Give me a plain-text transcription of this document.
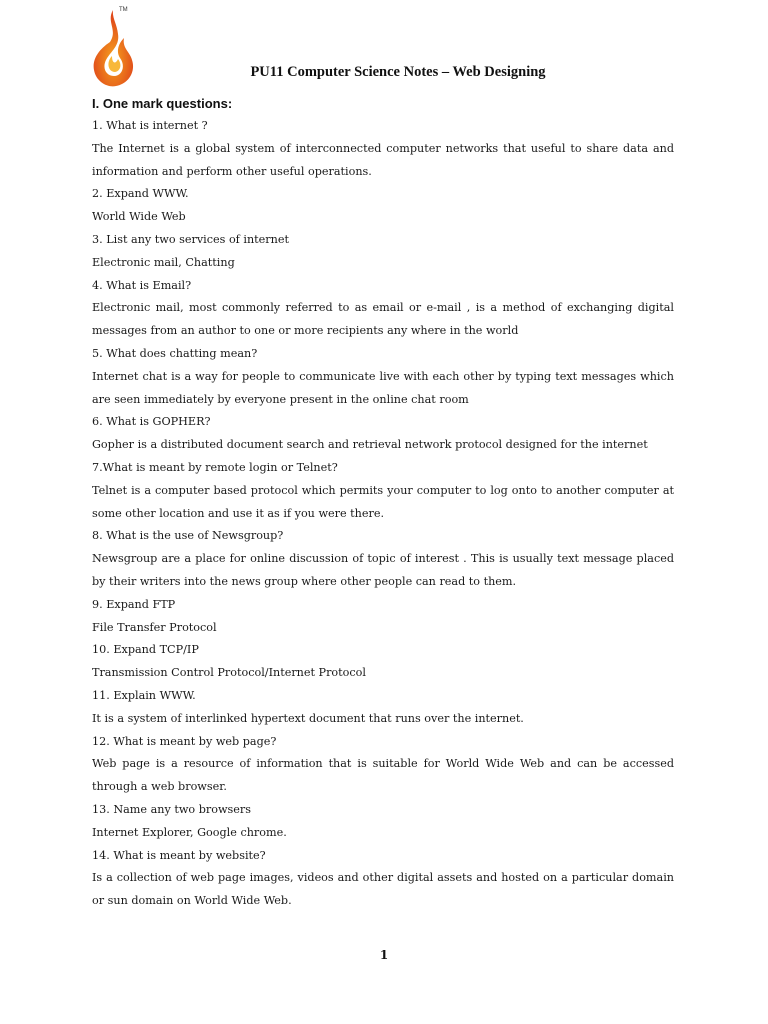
TM
PU11 Computer Science Notes – Web Designing
I. One mark questions:

1. What is internet ?

The Internet is a global system of interconnected computer networks that useful to share data and information and perform other useful operations.

2. Expand WWW.

World Wide Web

3. List any two services of internet

Electronic mail, Chatting

4. What is Email?

Electronic mail, most commonly referred to as email or e-mail , is a method of exchanging digital messages from an author to one or more recipients any where in the world

5. What does chatting mean?

Internet chat is a way for people to communicate live with each other by typing text messages which are seen immediately by everyone present in the online chat room

6. What is GOPHER?

Gopher is a distributed document search and retrieval network protocol designed for the internet

7.What is meant by remote login or Telnet?

Telnet is a computer based protocol which permits your computer to log onto to another computer at some other location and use it as if you were there.

8. What is the use of Newsgroup?

Newsgroup are a place for online discussion of topic of interest . This is usually text message placed by their writers into the news group where other people can read to them.

9. Expand FTP

File Transfer Protocol

10. Expand TCP/IP

Transmission Control Protocol/Internet Protocol

11. Explain WWW.

It is a system of interlinked hypertext document that runs over the internet.

12. What is meant by web page?

Web page is a resource of information that is suitable for World Wide Web and can be accessed through a web browser.

13. Name any two browsers

Internet Explorer, Google chrome.

14. What is meant by website?

Is a collection of web page images, videos and other digital assets and hosted on a particular domain or sun domain on World Wide Web.

1
